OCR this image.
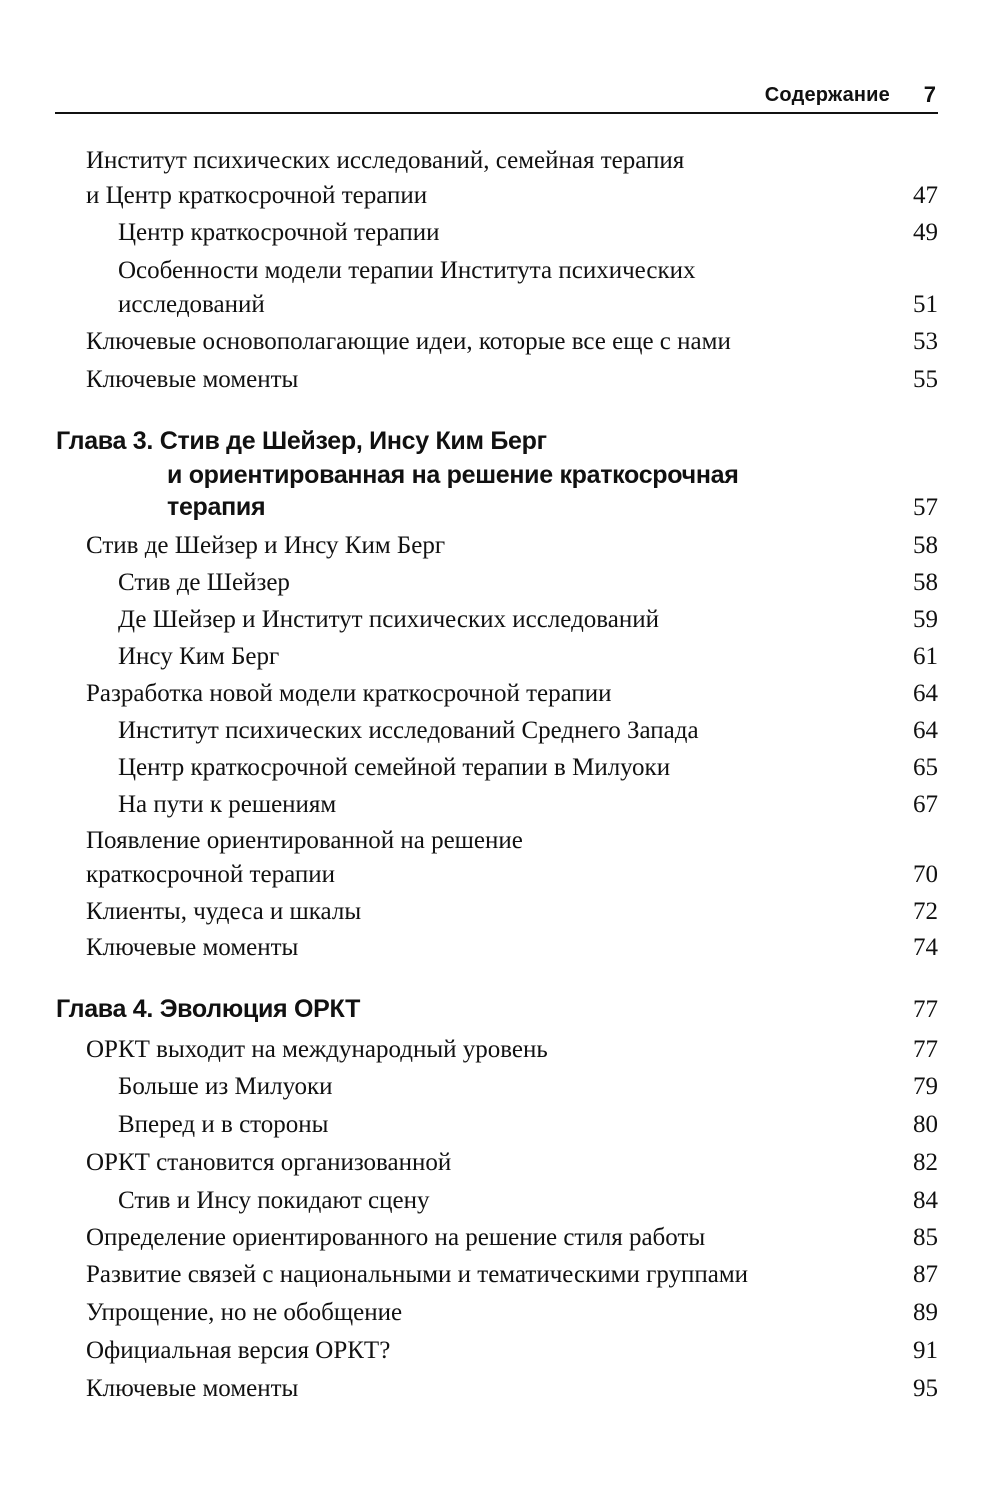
Содержание 7
Институт психических исследований, семейная терапия
и Центр краткосрочной терапии	47
Центр краткосрочной терапии	49
Особенности модели терапии Института психических
исследований	51
Ключевые основополагающие идеи, которые все еще с нами	53
Ключевые моменты	55
Глава 3. Стив де Шейзер, Инсу Ким Берг
и ориентированная на решение краткосрочная
терапия	57
Стив де Шейзер и Инсу Ким Берг	58
Стив де Шейзер	58
Де Шейзер и Институт психических исследований	59
Инсу Ким Берг	61
Разработка новой модели краткосрочной терапии	64
Институт психических исследований Среднего Запада	64
Центр краткосрочной семейной терапии в Милуоки	65
На пути к решениям	67
Появление ориентированной на решение
краткосрочной терапии	70
Клиенты, чудеса и шкалы	72
Ключевые моменты	74
Глава 4. Эволюция ОРКТ	77
ОРКТ выходит на международный уровень	77
Больше из Милуоки	79
Вперед и в стороны	80
ОРКТ становится организованной	82
Стив и Инсу покидают сцену	84
Определение ориентированного на решение стиля работы	85
Развитие связей с национальными и тематическими группами	87
Упрощение, но не обобщение	89
Официальная версия ОРКТ?	91
Ключевые моменты	95
